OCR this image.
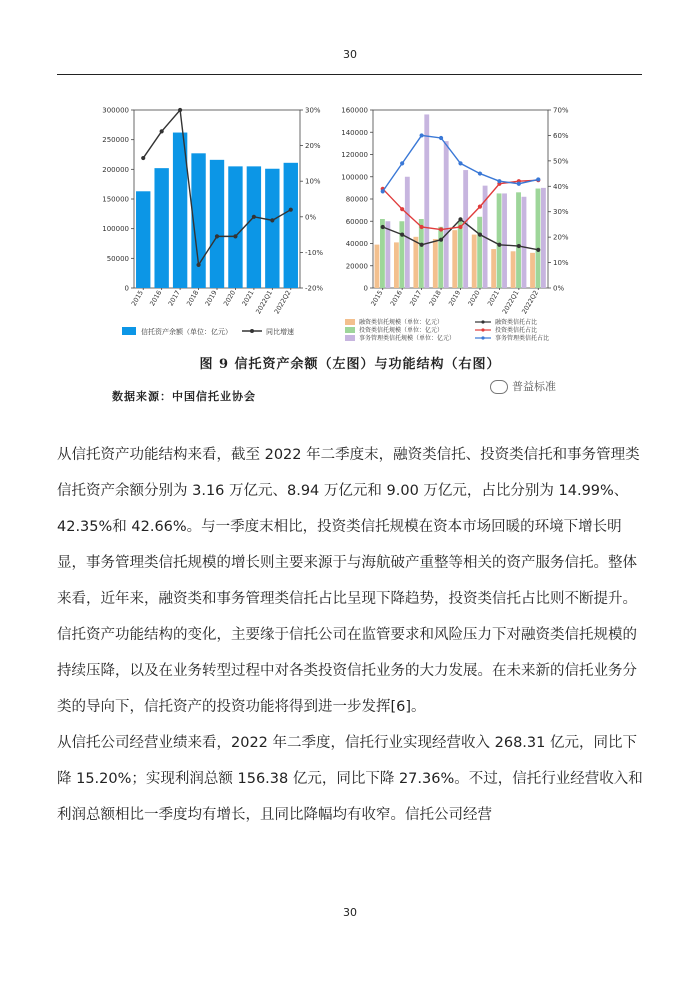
30
0
50000
100000
150000
200000
250000
300000
-20%
-10%
0%
10%
20%
30%
2015 2016 2017 2018 2019 2020 2021
2022Q1
2022Q2
信托资产余额（单位：亿元）	同比增速
0
20000
40000
60000
80000
100000
120000
140000
160000
0%
10%
20%
30%
40%
50%
60%
70%
2015 2016 2017 2018 2019 2020 2021 2022Q1 2022Q2
融资类信托规模（单位：亿元）	融资类信托占比
投资类信托规模（单位：亿元）	投资类信托占比
事务管理类信托规模（单位：亿元）	事务管理类信托占比
图 9 信托资产余额（左图）与功能结构（右图）
数据来源：中国信托业协会
普益标准

从信托资产功能结构来看，截至 2022 年二季度末，融资类信托、投资类信托和事务管理类信托资产余额分别为 3.16 万亿元、8.94 万亿元和 9.00 万亿元，占比分别为 14.99%、42.35%和 42.66%。与一季度末相比，投资类信托规模在资本市场回暖的环境下增长明显，事务管理类信托规模的增长则主要来源于与海航破产重整等相关的资产服务信托。整体来看，近年来，融资类和事务管理类信托占比呈现下降趋势，投资类信托占比则不断提升。信托资产功能结构的变化，主要缘于信托公司在监管要求和风险压力下对融资类信托规模的持续压降，以及在业务转型过程中对各类投资信托业务的大力发展。在未来新的信托业务分类的导向下，信托资产的投资功能将得到进一步发挥[6]。

从信托公司经营业绩来看，2022 年二季度，信托行业实现经营收入 268.31 亿元，同比下降 15.20%；实现利润总额 156.38 亿元，同比下降 27.36%。不过，信托行业经营收入和利润总额相比一季度均有增长，且同比降幅均有收窄。信托公司经营

30
